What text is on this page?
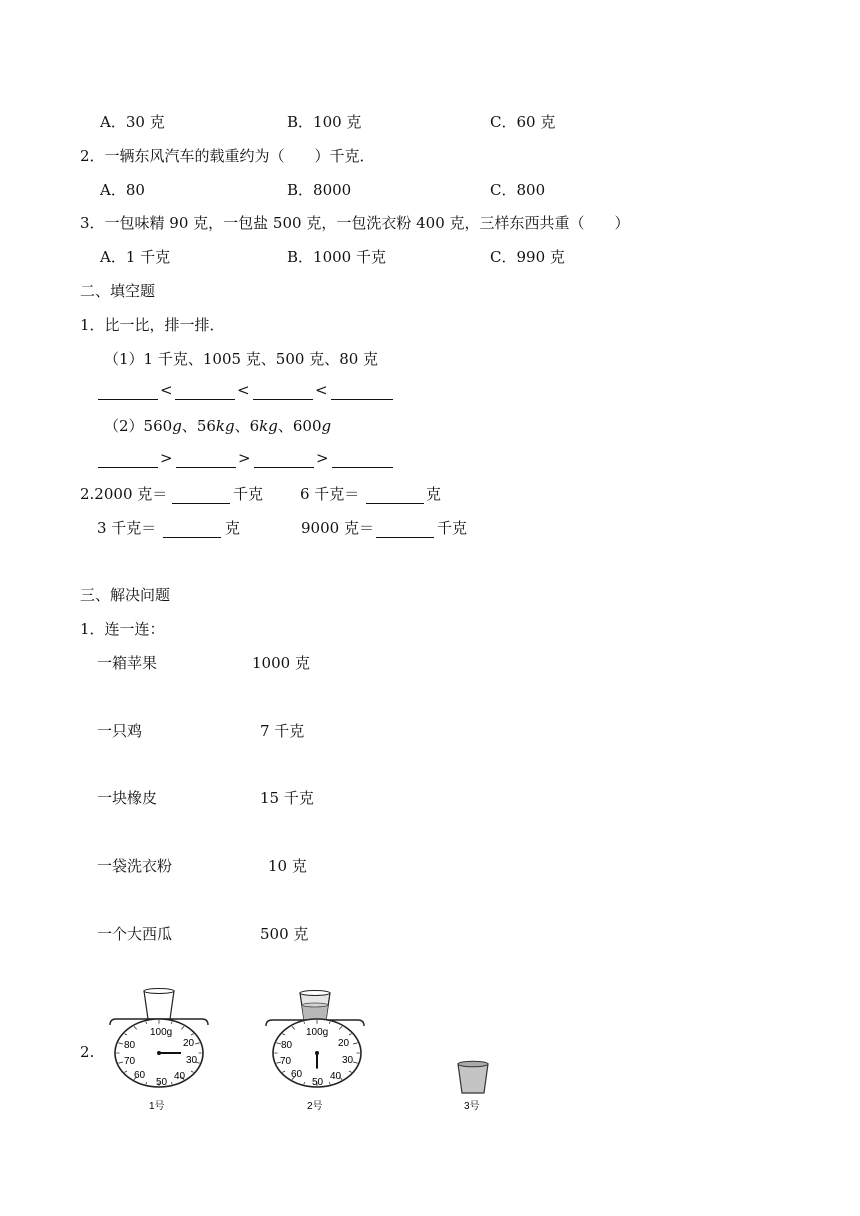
A．30 克	B．100 克	C．60 克
2．一辆东风汽车的载重约为（　　）千克．
A．80	B．8000	C．800
3．一包味精 90 克，一包盐 500 克，一包洗衣粉 400 克，三样东西共重（　　）
A．1 千克	B．1000 千克	C．990 克
二、填空题
1．比一比，排一排．
（1）1 千克、1005 克、500 克、80 克
<	<	<
（2）560g、56kg、6kg、600g
>	>	>
2.2000 克＝	千克 6 千克＝	克
3 千克＝	克	9000 克＝	千克
三、解决问题
1．连一连：
一箱苹果	1000 克
一只鸡	7 千克
一块橡皮	15 千克
一袋洗衣粉	10 克
一个大西瓜	500 克
2.
100g
20
30
40
50
60
70
80
1号
100g
20
30
40
50
60
70
80
2号	3号
